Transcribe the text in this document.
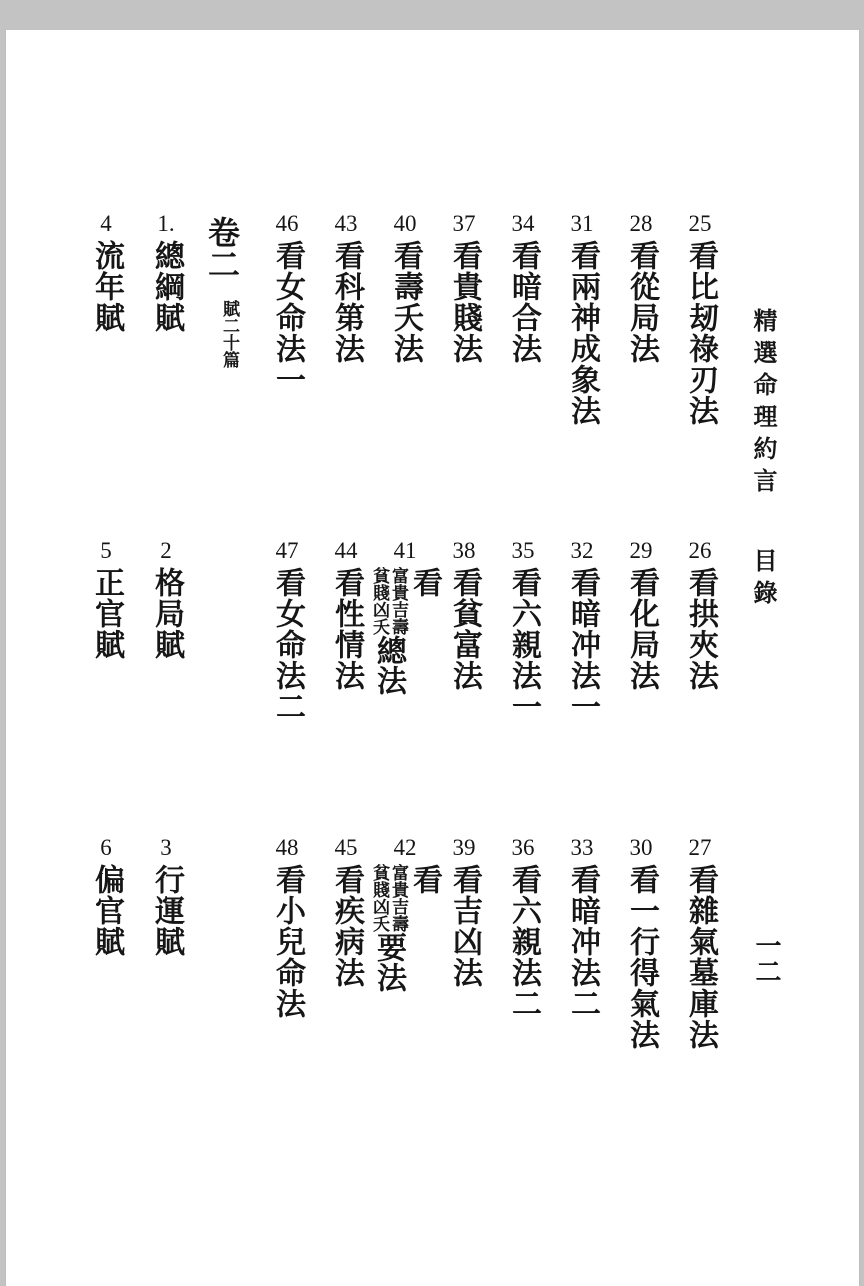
精選命理約言
目錄
一二
25
看比刼祿刃法
26
看拱夾法
27
看雜氣墓庫法
28
看從局法
29
看化局法
30
看一行得氣法
31
看兩神成象法
32
看暗冲法一
33
看暗冲法二
34
看暗合法
35
看六親法一
36
看六親法二
37
看貴賤法
38
看貧富法
39
看吉凶法
40
看壽夭法
41
看
富貴吉壽
貧賤凶夭
總法
42
看
富貴吉壽
貧賤凶夭
要法
43
看科第法
44
看性情法
45
看疾病法
46
看女命法一
47
看女命法二
48
看小兒命法
卷二
賦二十篇
1.
總綱賦
2
格局賦
3
行運賦
4
流年賦
5
正官賦
6
偏官賦
